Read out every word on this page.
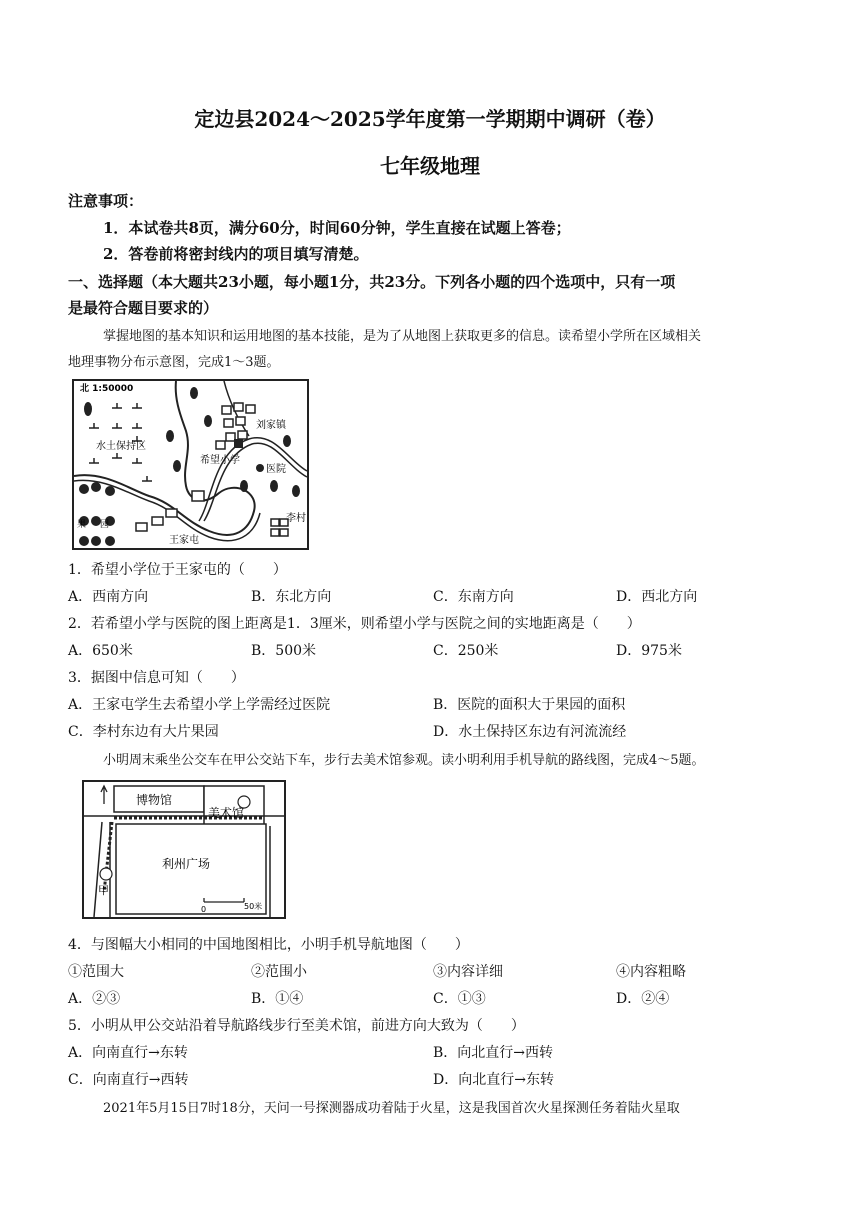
定边县2024～2025学年度第一学期期中调研（卷）
七年级地理
注意事项：
1．本试卷共8页，满分60分，时间60分钟，学生直接在试题上答卷；
2．答卷前将密封线内的项目填写清楚。
一、选择题（本大题共23小题，每小题1分，共23分。下列各小题的四个选项中，只有一项
是最符合题目要求的）
掌握地图的基本知识和运用地图的基本技能，是为了从地图上获取更多的信息。读希望小学所在区域相关
地理事物分布示意图，完成1～3题。
北 1:50000
水土保持区
刘家镇
希望小学
医院
果 园
王家屯
李村
1．希望小学位于王家屯的（　　）
A．西南方向	B．东北方向	C．东南方向	D．西北方向
2．若希望小学与医院的图上距离是1．3厘米，则希望小学与医院之间的实地距离是（　　）
A．650米	B．500米	C．250米	D．975米
3．据图中信息可知（　　）
A．王家屯学生去希望小学上学需经过医院	B．医院的面积大于果园的面积
C．李村东边有大片果园	D．水土保持区东边有河流流经
小明周末乘坐公交车在甲公交站下车，步行去美术馆参观。读小明利用手机导航的路线图，完成4～5题。
博物馆
美术馆
利州广场
甲
0	50米
4．与图幅大小相同的中国地图相比，小明手机导航地图（　　）
①范围大	②范围小	③内容详细	④内容粗略
A．②③	B．①④	C．①③	D．②④
5．小明从甲公交站沿着导航路线步行至美术馆，前进方向大致为（　　）
A．向南直行→东转	B．向北直行→西转
C．向南直行→西转	D．向北直行→东转
2021年5月15日7时18分，天问一号探测器成功着陆于火星，这是我国首次火星探测任务着陆火星取
